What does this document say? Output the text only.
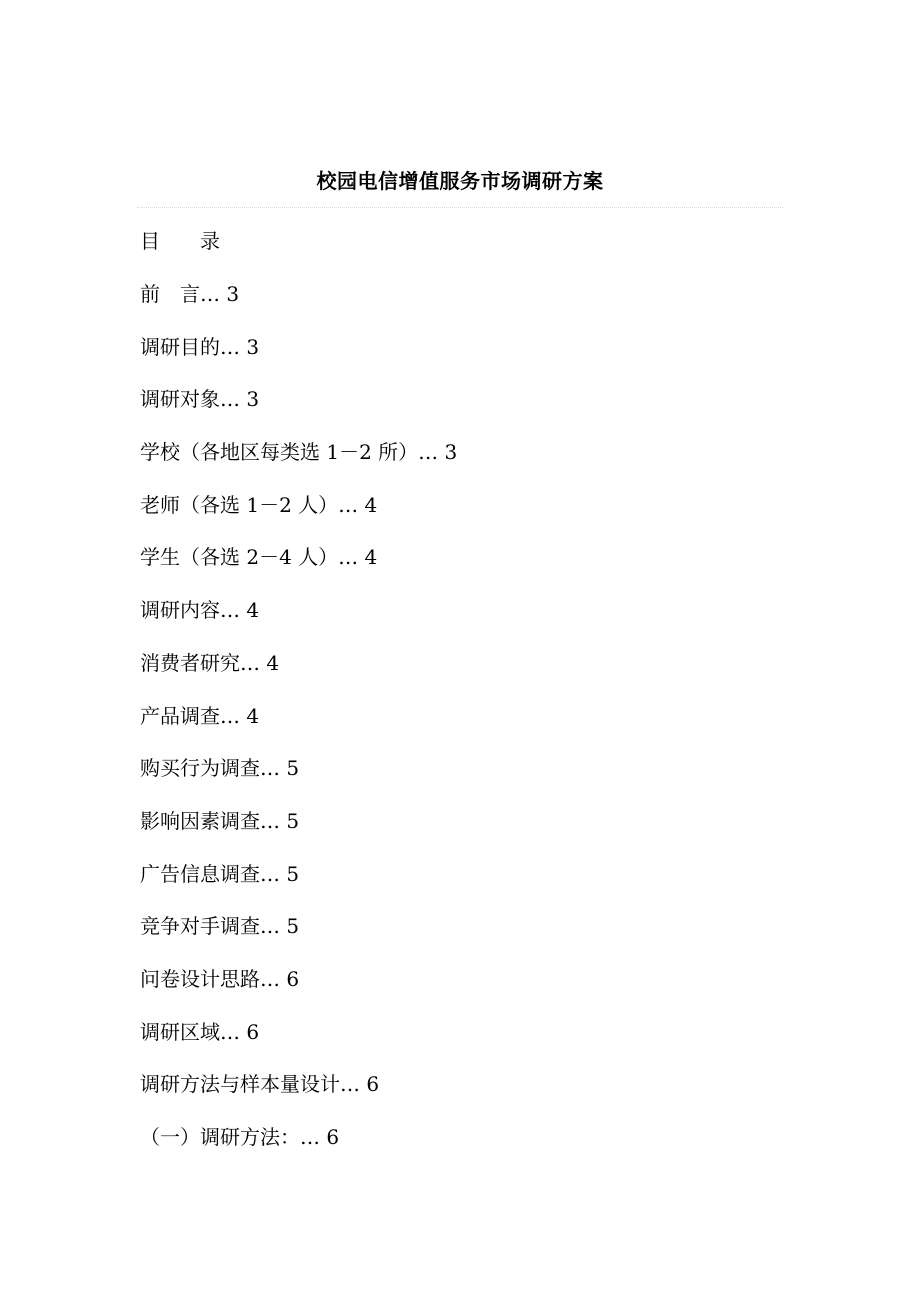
校园电信增值服务市场调研方案
目　　录
前　言… 3
调研目的… 3
调研对象… 3
学校（各地区每类选 1－2 所）… 3
老师（各选 1－2 人）… 4
学生（各选 2－4 人）… 4
调研内容… 4
消费者研究… 4
产品调查… 4
购买行为调查… 5
影响因素调查… 5
广告信息调查… 5
竞争对手调查… 5
问卷设计思路… 6
调研区域… 6
调研方法与样本量设计… 6
（一）调研方法：… 6
